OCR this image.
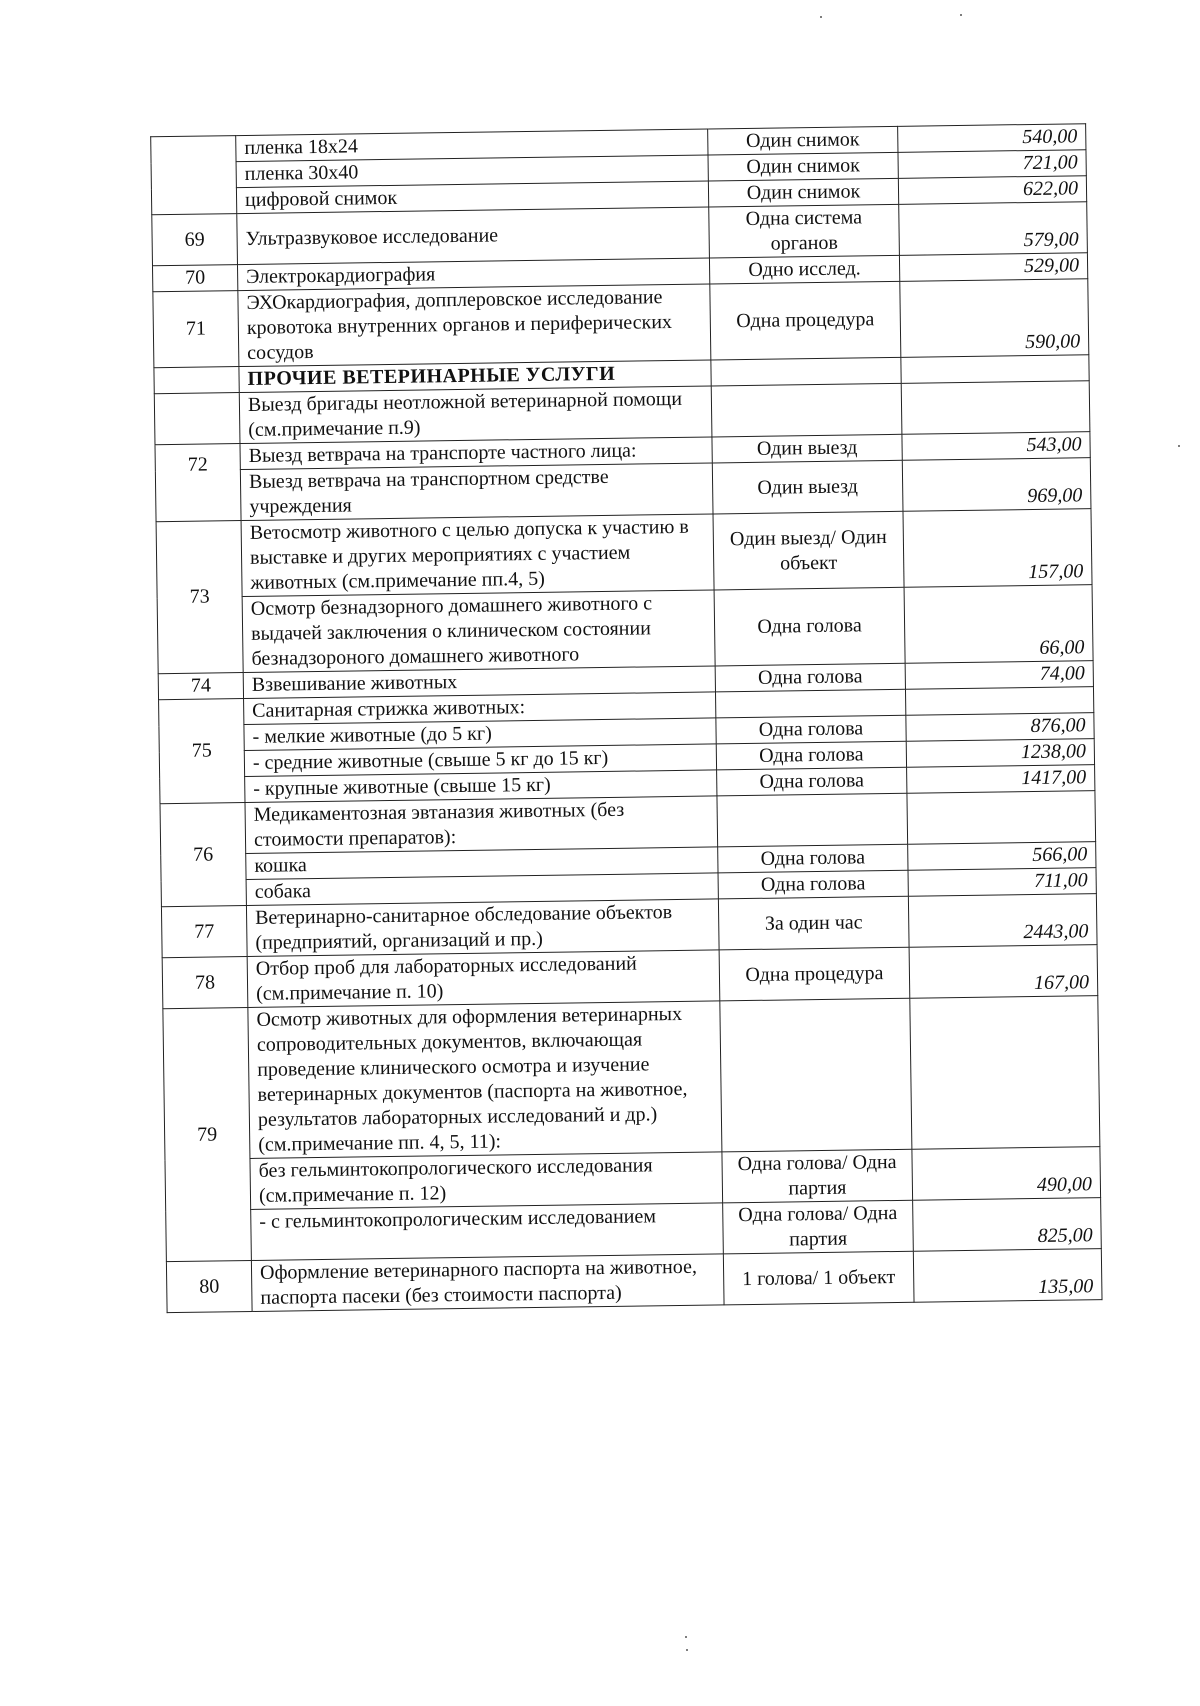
	пленка 18x24	Один снимок	540,00
	пленка 30x40	Один снимок	721,00
	цифровой снимок	Один снимок	622,00
69	Ультразвуковое исследование	Одна система органов	579,00
70	Электрокардиография	Одно исслед.	529,00
71	ЭХОкардиография, допплеровское исследование кровотока внутренних органов и периферических сосудов	Одна процедура	590,00
	ПРОЧИЕ ВЕТЕРИНАРНЫЕ УСЛУГИ		
	Выезд бригады неотложной ветеринарной помощи (см.примечание п.9)		
72	Выезд ветврача на транспорте частного лица:	Один выезд	543,00
	Выезд ветврача на транспортном средстве учреждения	Один выезд	969,00
73	Ветосмотр животного с целью допуска к участию в выставке и других мероприятиях с участием животных (см.примечание пп.4, 5)	Один выезд/ Один объект	157,00
	Осмотр безнадзорного домашнего животного с выдачей заключения о клиническом состоянии безнадзороного домашнего животного	Одна голова	66,00
74	Взвешивание животных	Одна голова	74,00
75	Санитарная стрижка животных:		
	- мелкие животные (до 5 кг)	Одна голова	876,00
	- средние животные (свыше 5 кг до 15 кг)	Одна голова	1238,00
	- крупные животные (свыше 15 кг)	Одна голова	1417,00
76	Медикаментозная эвтаназия животных (без стоимости препаратов):		
	кошка	Одна голова	566,00
	собака	Одна голова	711,00
77	Ветеринарно-санитарное обследование объектов (предприятий, организаций и пр.)	За один час	2443,00
78	Отбор проб для лабораторных исследований (см.примечание п. 10)	Одна процедура	167,00
79	Осмотр животных для оформления ветеринарных сопроводительных документов, включающая проведение клинического осмотра и изучение ветеринарных документов (паспорта на животное, результатов лабораторных исследований и др.) (см.примечание пп. 4, 5, 11):		
	без гельминтокопрологического исследования (см.примечание п. 12)	Одна голова/ Одна партия	490,00
	- с гельминтокопрологическим исследованием	Одна голова/ Одна партия	825,00
80	Оформление ветеринарного паспорта на животное, паспорта пасеки (без стоимости паспорта)	1 голова/ 1 объект	135,00
